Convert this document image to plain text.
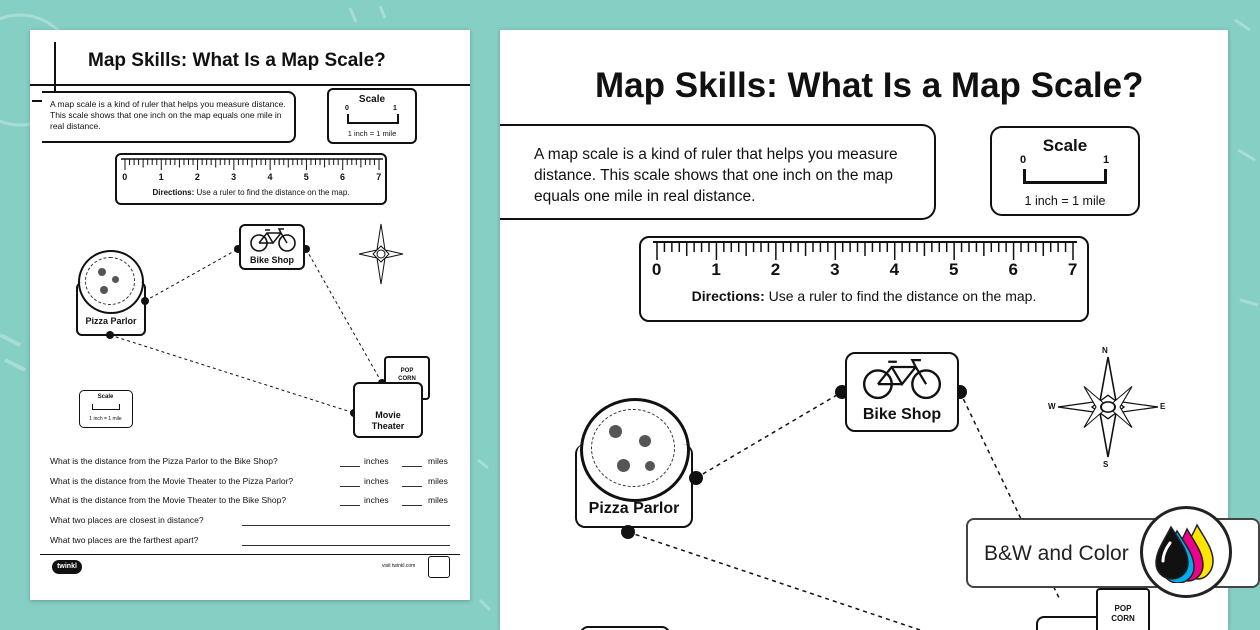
Map Skills: What Is a Map Scale?
A map scale is a kind of ruler that helps you measure distance. This scale shows that one inch on the map equals one mile in real distance.
Scale
0	1
1 inch = 1 mile
0	1	2	3	4	5	6	7
Directions: Use a ruler to find the distance on the map.
Bike Shop
Pizza Parlor
POP
CORN
Movie
Theater
Scale
1 inch = 1 mile
What is the distance from the Pizza Parlor to the Bike Shop?
What is the distance from the Movie Theater to the Pizza Parlor?
What is the distance from the Movie Theater to the Bike Shop?
What two places are closest in distance?
What two places are the farthest apart?
inches	miles
inches	miles
inches	miles
twinkl	visit twinkl.com
Map Skills: What Is a Map Scale?
A map scale is a kind of ruler that helps you measure distance. This scale shows that one inch on the map equals one mile in real distance.
Scale
0	1
1 inch = 1 mile
0	1	2	3	4	5	6	7
Directions: Use a ruler to find the distance on the map.
Bike Shop
Pizza Parlor
N
E
S
W
POP
CORN
B&W and Color
